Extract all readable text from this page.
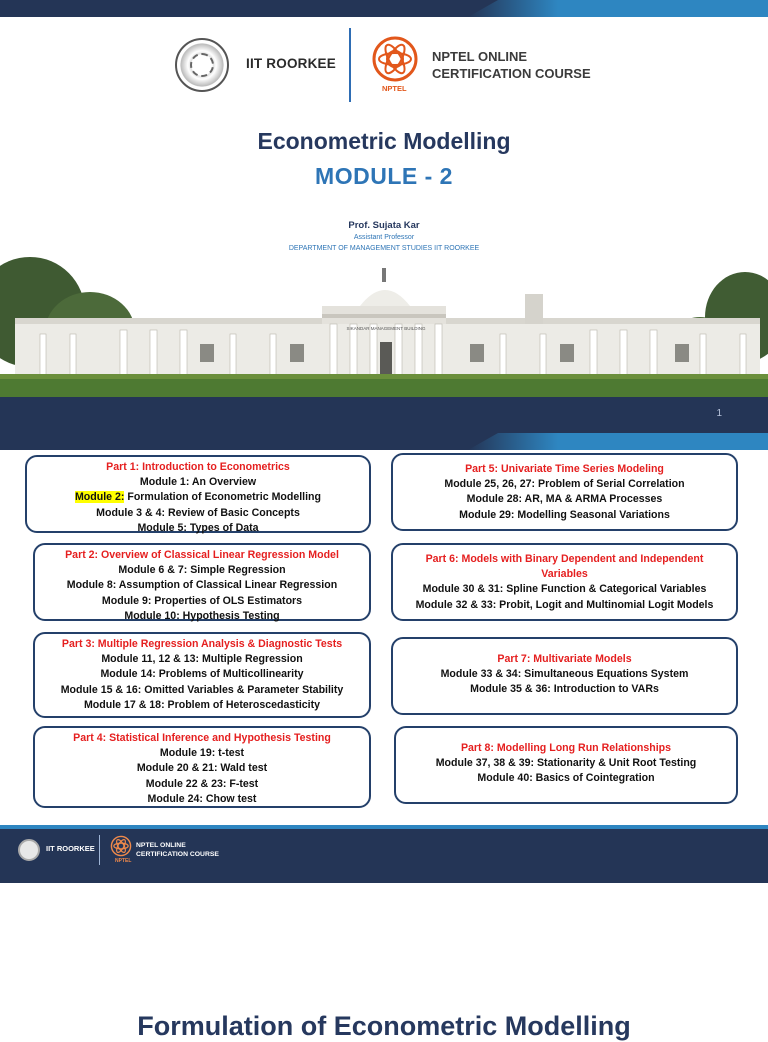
IIT ROORKEE
NPTEL
NPTEL ONLINE
CERTIFICATION COURSE
Econometric Modelling
MODULE - 2
Prof. Sujata Kar
Assistant Professor
DEPARTMENT OF MANAGEMENT STUDIES IIT ROORKEE
SIKANDAR MANAGEMENT BUILDING
1
Part 1: Introduction to Econometrics
Module 1: An Overview
Module 2: Formulation of Econometric Modelling
Module 3 & 4: Review of Basic Concepts
Module 5: Types of Data
Part 2: Overview of Classical Linear Regression Model
Module 6 & 7: Simple Regression
Module 8: Assumption of Classical Linear Regression
Module 9: Properties of OLS Estimators
Module 10: Hypothesis Testing
Part 3: Multiple Regression Analysis & Diagnostic Tests
Module 11, 12 & 13: Multiple Regression
Module 14: Problems of Multicollinearity
Module 15 & 16: Omitted Variables & Parameter Stability
Module 17 & 18: Problem of Heteroscedasticity
Part 4: Statistical Inference and Hypothesis Testing
Module 19: t-test
Module 20 & 21: Wald test
Module 22 & 23: F-test
Module 24: Chow test
Part 5: Univariate Time Series Modeling
Module 25, 26, 27: Problem of Serial Correlation
Module 28: AR, MA & ARMA Processes
Module 29: Modelling Seasonal Variations
Part 6: Models with Binary Dependent and Independent
Variables
Module 30 & 31: Spline Function & Categorical Variables
Module 32 & 33: Probit, Logit and Multinomial Logit Models
Part 7: Multivariate Models
Module 33 & 34: Simultaneous Equations System
Module 35 & 36: Introduction to VARs
Part 8: Modelling Long Run Relationships
Module 37, 38 & 39: Stationarity & Unit Root Testing
Module 40: Basics of Cointegration
IIT ROORKEE
NPTEL
NPTEL ONLINE
CERTIFICATION COURSE
Formulation of Econometric Modelling
